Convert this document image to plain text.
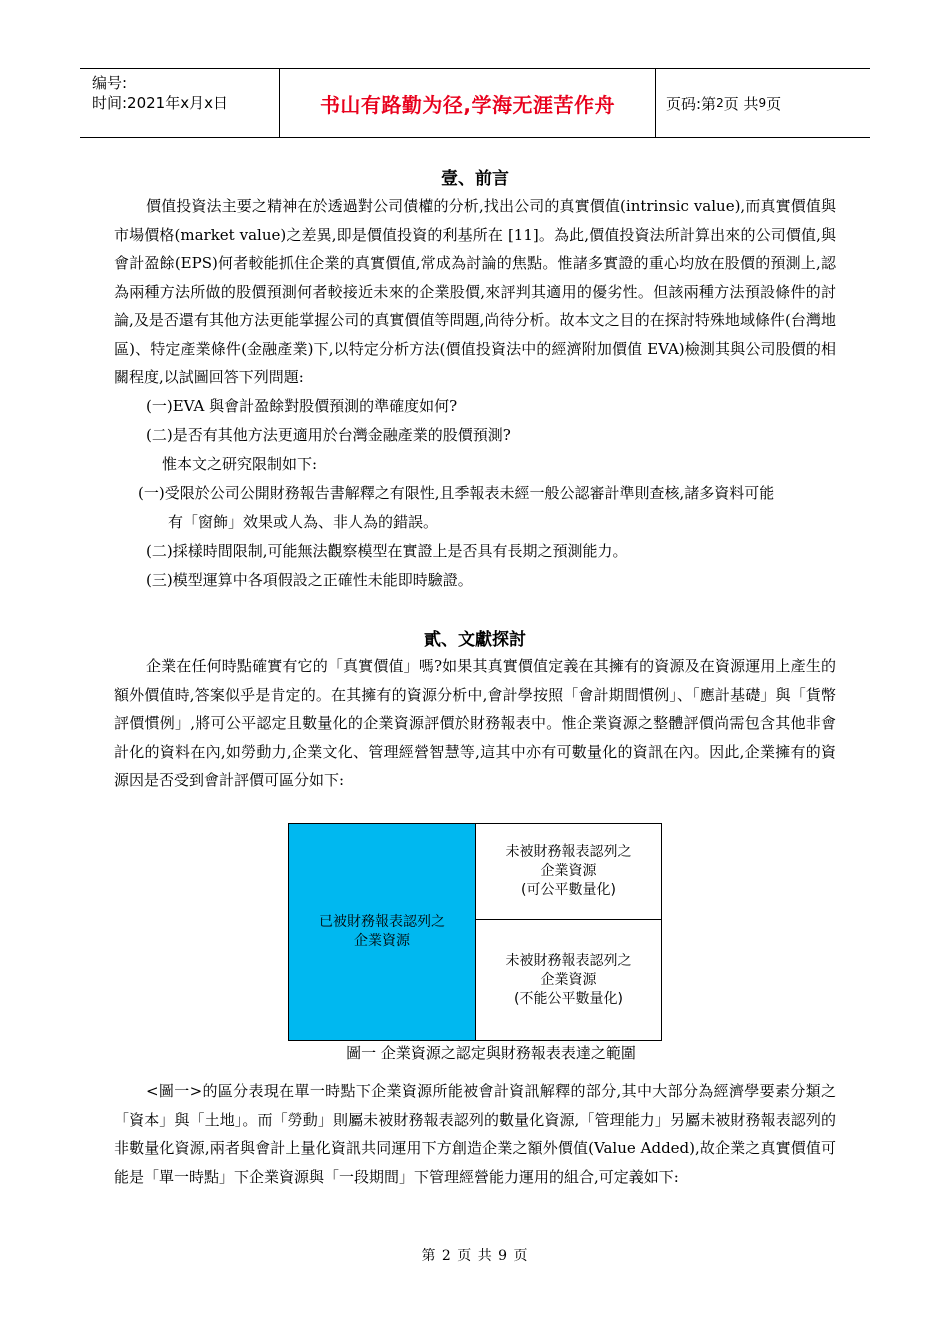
编号:
时间:2021年x月x日	书山有路勤为径,学海无涯苦作舟	页码:第 2 页 共 9 页
壹、前言

價值投資法主要之精神在於透過對公司債權的分析,找出公司的真實價值(intrinsic value),而真實價值與市場價格(market value)之差異,即是價值投資的利基所在 [11]。為此,價值投資法所計算出來的公司價值,與會計盈餘(EPS)何者較能抓住企業的真實價值,常成為討論的焦點。惟諸多實證的重心均放在股價的預測上,認為兩種方法所做的股價預測何者較接近未來的企業股價,來評判其適用的優劣性。但該兩種方法預設條件的討論,及是否還有其他方法更能掌握公司的真實價值等問題,尚待分析。故本文之目的在探討特殊地域條件(台灣地區)、特定產業條件(金融產業)下,以特定分析方法(價值投資法中的經濟附加價值 EVA)檢測其與公司股價的相關程度,以試圖回答下列問題:

(一)EVA 與會計盈餘對股價預測的準確度如何?
(二)是否有其他方法更適用於台灣金融產業的股價預測?
惟本文之研究限制如下:
(一)受限於公司公開財務報告書解釋之有限性,且季報表未經一般公認審計準則查核,諸多資料可能
有「窗飾」效果或人為、非人為的錯誤。
(二)採樣時間限制,可能無法觀察模型在實證上是否具有長期之預測能力。
(三)模型運算中各項假設之正確性未能即時驗證。
貳、文獻探討

企業在任何時點確實有它的「真實價值」嗎?如果其真實價值定義在其擁有的資源及在資源運用上產生的額外價值時,答案似乎是肯定的。在其擁有的資源分析中,會計學按照「會計期間慣例」、「應計基礎」與「貨幣評價慣例」,將可公平認定且數量化的企業資源評價於財務報表中。惟企業資源之整體評價尚需包含其他非會計化的資料在內,如勞動力,企業文化、管理經營智慧等,這其中亦有可數量化的資訊在內。因此,企業擁有的資源因是否受到會計評價可區分如下:

已被財務報表認列之
企業資源
未被財務報表認列之
企業資源
(可公平數量化)
未被財務報表認列之
企業資源
(不能公平數量化)
圖一 企業資源之認定與財務報表表達之範圍

<圖一>的區分表現在單一時點下企業資源所能被會計資訊解釋的部分,其中大部分為經濟學要素分類之「資本」與「土地」。而「勞動」則屬未被財務報表認列的數量化資源,「管理能力」另屬未被財務報表認列的非數量化資源,兩者與會計上量化資訊共同運用下方創造企業之額外價值(Value Added),故企業之真實價值可能是「單一時點」下企業資源與「一段期間」下管理經營能力運用的組合,可定義如下:

第 2 页 共 9 页
